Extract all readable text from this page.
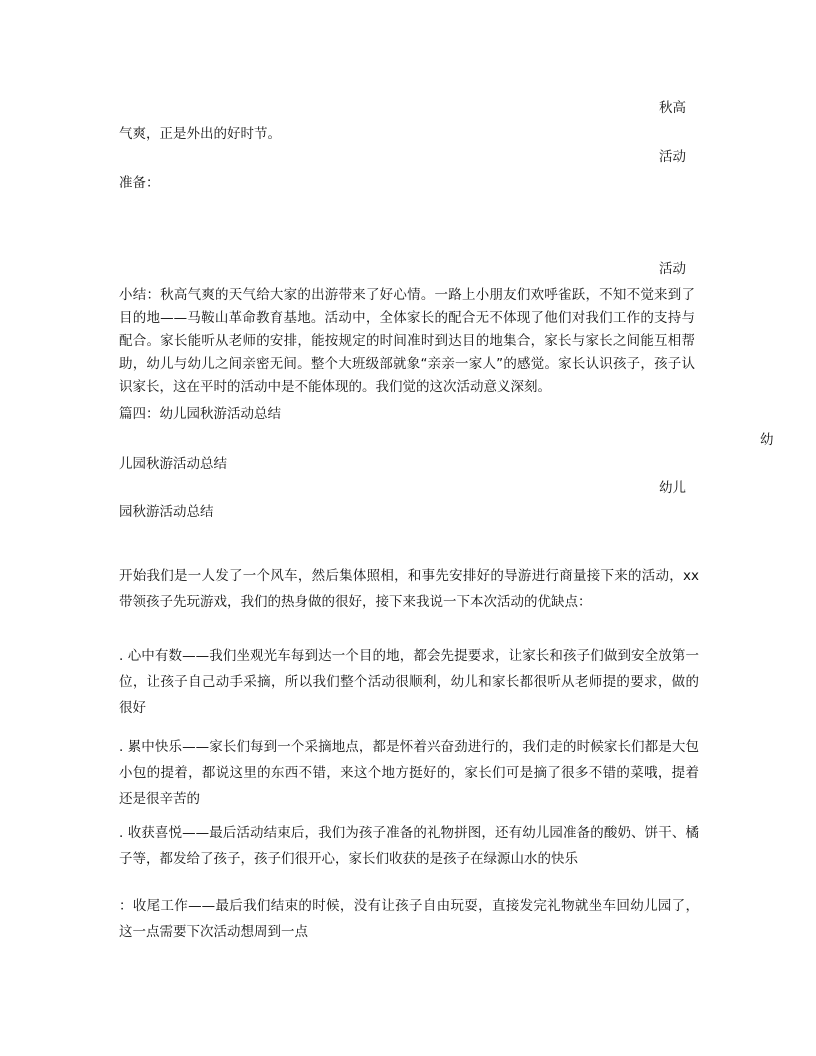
秋高
气爽，正是外出的好时节。
活动
准备：
活动
小结：秋高气爽的天气给大家的出游带来了好心情。一路上小朋友们欢呼雀跃，不知不觉来到了目的地——马鞍山革命教育基地。活动中，全体家长的配合无不体现了他们对我们工作的支持与配合。家长能听从老师的安排，能按规定的时间准时到达目的地集合，家长与家长之间能互相帮助，幼儿与幼儿之间亲密无间。整个大班级部就象“亲亲一家人”的感觉。家长认识孩子，孩子认识家长，这在平时的活动中是不能体现的。我们觉的这次活动意义深刻。
篇四：幼儿园秋游活动总结
幼
儿园秋游活动总结
幼儿
园秋游活动总结
开始我们是一人发了一个风车，然后集体照相，和事先安排好的导游进行商量接下来的活动，xx 带领孩子先玩游戏，我们的热身做的很好，接下来我说一下本次活动的优缺点：
. 心中有数——我们坐观光车每到达一个目的地，都会先提要求，让家长和孩子们做到安全放第一位，让孩子自己动手采摘，所以我们整个活动很顺利，幼儿和家长都很听从老师提的要求，做的很好
. 累中快乐——家长们每到一个采摘地点，都是怀着兴奋劲进行的，我们走的时候家长们都是大包小包的提着，都说这里的东西不错，来这个地方挺好的，家长们可是摘了很多不错的菜哦，提着还是很辛苦的
. 收获喜悦——最后活动结束后，我们为孩子准备的礼物拼图，还有幼儿园准备的酸奶、饼干、橘子等，都发给了孩子，孩子们很开心，家长们收获的是孩子在绿源山水的快乐
：收尾工作——最后我们结束的时候，没有让孩子自由玩耍，直接发完礼物就坐车回幼儿园了，这一点需要下次活动想周到一点
